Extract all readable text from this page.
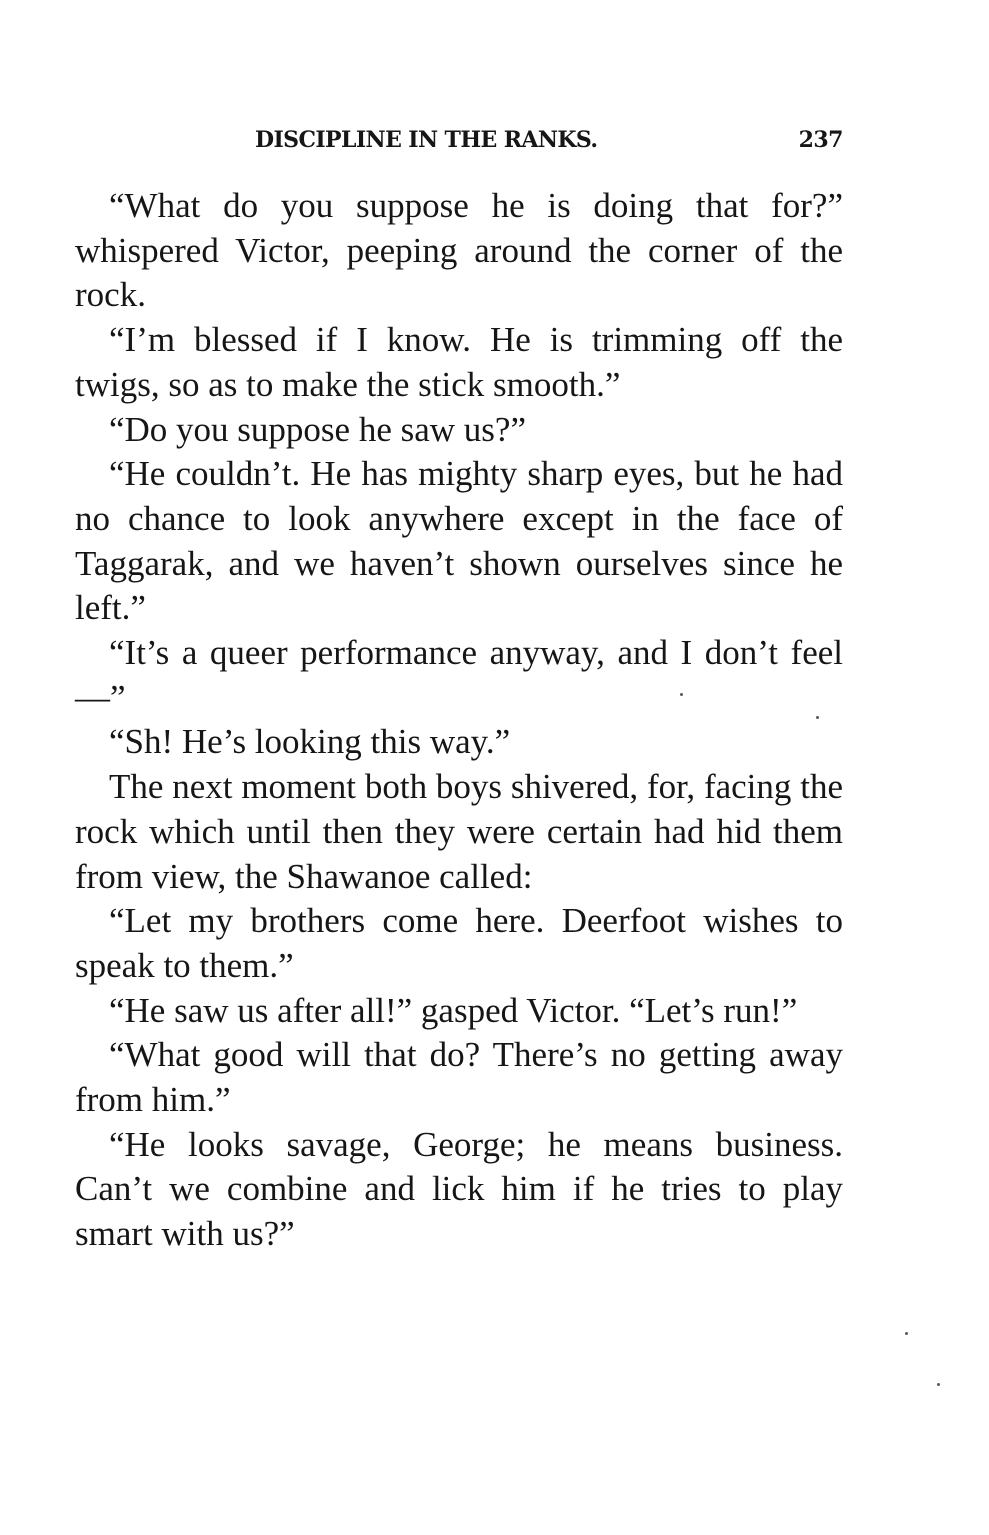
DISCIPLINE IN THE RANKS.	237

“What do you suppose he is doing that for?” whispered Victor, peeping around the corner of the rock.

“I’m blessed if I know. He is trimming off the twigs, so as to make the stick smooth.”

“Do you suppose he saw us?”

“He couldn’t. He has mighty sharp eyes, but he had no chance to look anywhere except in the face of Taggarak, and we haven’t shown ourselves since he left.”

“It’s a queer performance anyway, and I don’t feel—”

“Sh! He’s looking this way.”

The next moment both boys shivered, for, facing the rock which until then they were certain had hid them from view, the Shawanoe called:

“Let my brothers come here. Deerfoot wishes to speak to them.”

“He saw us after all!” gasped Victor. “Let’s run!”

“What good will that do? There’s no getting away from him.”

“He looks savage, George; he means business. Can’t we combine and lick him if he tries to play smart with us?”
